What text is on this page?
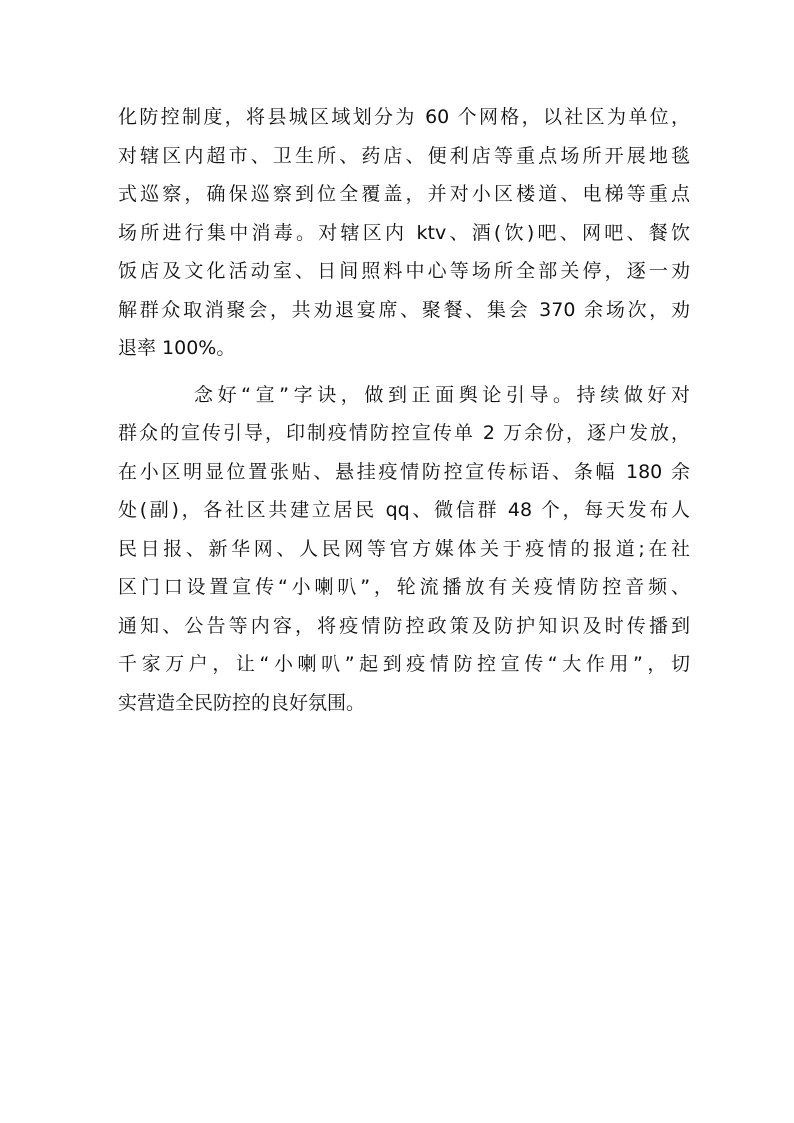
化防控制度，将县城区域划分为 60 个网格，以社区为单位，
对辖区内超市、卫生所、药店、便利店等重点场所开展地毯
式巡察，确保巡察到位全覆盖，并对小区楼道、电梯等重点
场所进行集中消毒。对辖区内 ktv、酒(饮)吧、网吧、餐饮
饭店及文化活动室、日间照料中心等场所全部关停，逐一劝
解群众取消聚会，共劝退宴席、聚餐、集会 370 余场次，劝
退率 100%。
念好“宣”字诀，做到正面舆论引导。持续做好对
群众的宣传引导，印制疫情防控宣传单 2 万余份，逐户发放，
在小区明显位置张贴、悬挂疫情防控宣传标语、条幅 180 余
处(副)，各社区共建立居民 qq、微信群 48 个，每天发布人
民日报、新华网、人民网等官方媒体关于疫情的报道;在社
区门口设置宣传“小喇叭”，轮流播放有关疫情防控音频、
通知、公告等内容，将疫情防控政策及防护知识及时传播到
千家万户，让“小喇叭”起到疫情防控宣传“大作用”，切
实营造全民防控的良好氛围。
